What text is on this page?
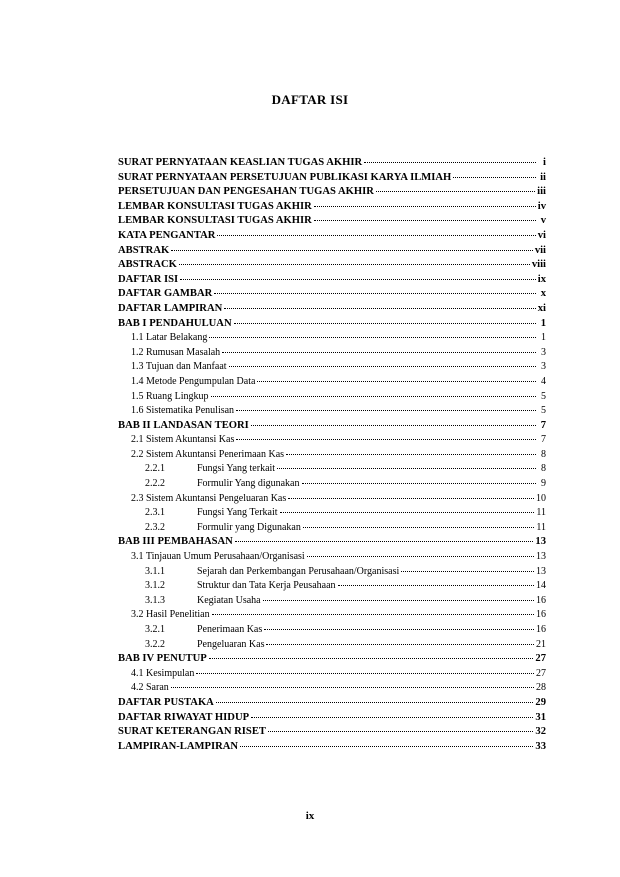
DAFTAR ISI
SURAT PERNYATAAN KEASLIAN TUGAS AKHIR	i
SURAT PERNYATAAN PERSETUJUAN PUBLIKASI KARYA ILMIAH	ii
PERSETUJUAN DAN PENGESAHAN TUGAS AKHIR	iii
LEMBAR KONSULTASI TUGAS AKHIR	iv
LEMBAR KONSULTASI TUGAS AKHIR	v
KATA PENGANTAR	vi
ABSTRAK	vii
ABSTRACK	viii
DAFTAR ISI	ix
DAFTAR GAMBAR	x
DAFTAR LAMPIRAN	xi
BAB I PENDAHULUAN	1
1.1 Latar Belakang	1
1.2 Rumusan Masalah	3
1.3 Tujuan dan Manfaat	3
1.4 Metode Pengumpulan Data	4
1.5 Ruang Lingkup	5
1.6 Sistematika Penulisan	5
BAB II LANDASAN TEORI	7
2.1 Sistem Akuntansi Kas	7
2.2 Sistem Akuntansi Penerimaan Kas	8
2.2.1	Fungsi Yang terkait	8
2.2.2	Formulir Yang digunakan	9
2.3 Sistem Akuntansi Pengeluaran Kas	10
2.3.1	Fungsi Yang Terkait	11
2.3.2	Formulir yang Digunakan	11
BAB III PEMBAHASAN	13
3.1 Tinjauan Umum Perusahaan/Organisasi	13
3.1.1	Sejarah dan Perkembangan Perusahaan/Organisasi	13
3.1.2	Struktur dan Tata Kerja Peusahaan	14
3.1.3	Kegiatan Usaha	16
3.2 Hasil Penelitian	16
3.2.1	Penerimaan Kas	16
3.2.2	Pengeluaran Kas	21
BAB IV PENUTUP	27
4.1 Kesimpulan	27
4.2 Saran	28
DAFTAR PUSTAKA	29
DAFTAR RIWAYAT HIDUP	31
SURAT KETERANGAN RISET	32
LAMPIRAN-LAMPIRAN	33
ix
